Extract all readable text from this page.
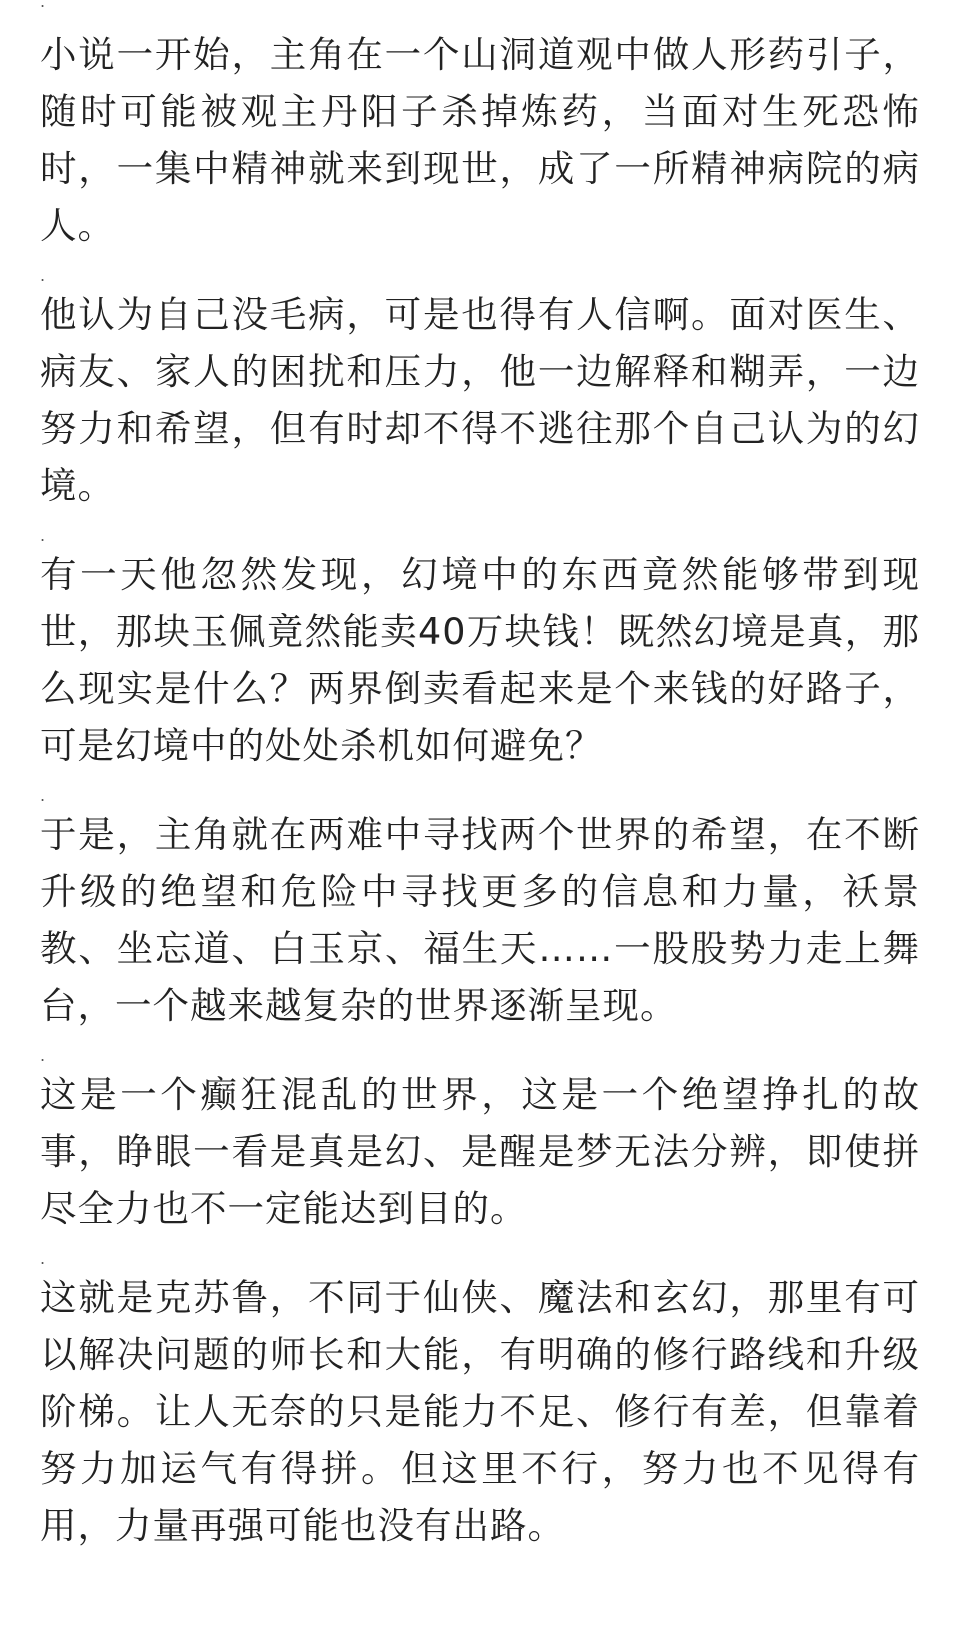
.

小说一开始，主角在一个山洞道观中做人形药引子，随时可能被观主丹阳子杀掉炼药，当面对生死恐怖时，一集中精神就来到现世，成了一所精神病院的病人。

.

他认为自己没毛病，可是也得有人信啊。面对医生、病友、家人的困扰和压力，他一边解释和糊弄，一边努力和希望，但有时却不得不逃往那个自己认为的幻境。

.

有一天他忽然发现，幻境中的东西竟然能够带到现世，那块玉佩竟然能卖40万块钱！既然幻境是真，那么现实是什么？两界倒卖看起来是个来钱的好路子，可是幻境中的处处杀机如何避免？

.

于是，主角就在两难中寻找两个世界的希望，在不断升级的绝望和危险中寻找更多的信息和力量，袄景教、坐忘道、白玉京、福生天……一股股势力走上舞台，一个越来越复杂的世界逐渐呈现。

.

这是一个癫狂混乱的世界，这是一个绝望挣扎的故事，睁眼一看是真是幻、是醒是梦无法分辨，即使拼尽全力也不一定能达到目的。

.

这就是克苏鲁，不同于仙侠、魔法和玄幻，那里有可以解决问题的师长和大能，有明确的修行路线和升级阶梯。让人无奈的只是能力不足、修行有差，但靠着努力加运气有得拼。但这里不行，努力也不见得有用，力量再强可能也没有出路。
